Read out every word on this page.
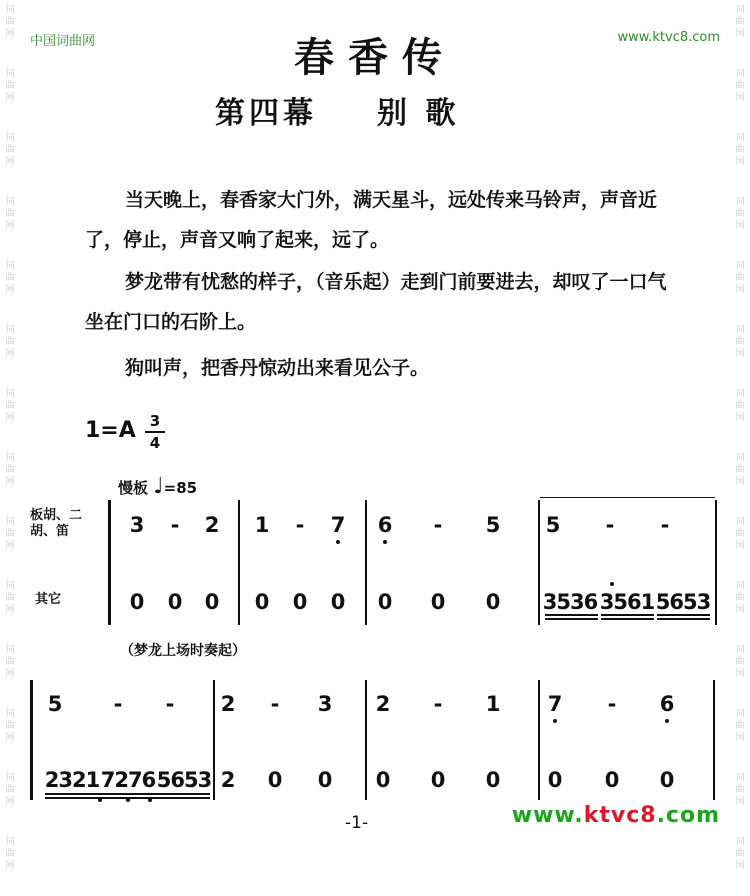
词
曲
网
词
曲
网
词
曲
网
词
曲
网
词
曲
网
词
曲
网
词
曲
网
词
曲
网
词
曲
网
词
曲
网
词
曲
网
词
曲
网
词
曲
网
词
曲
网
词
曲
网
词
曲
网
词
曲
网
词
曲
网
词
曲
网
词
曲
网
词
曲
网
词
曲
网
词
曲
网
词
曲
网
词
曲
网
词
曲
网
词
曲
网
词
曲
网
中国词曲网	www.ktvc8.com
春香传
第四幕 别 歌
当天晚上，春香家大门外，满天星斗，远处传来马铃声，声音近了，停止，声音又响了起来，远了。
梦龙带有忧愁的样子，（音乐起）走到门前要进去，却叹了一口气坐在门口的石阶上。
狗叫声，把香丹惊动出来看见公子。
1=A 3
4
慢板 ♩=85
板胡、二胡、笛
其它
3 - 2 1 - 7 6 - 5 5 - -
0 0 0 0 0 0 0 0 0 3536 3561 5653
（梦龙上场时奏起）
5 - - 2 - 3 2 - 1 7 - 6
2321 7276 5653 2 0 0 0 0 0 0 0 0
-1-	www.ktvc8.com
